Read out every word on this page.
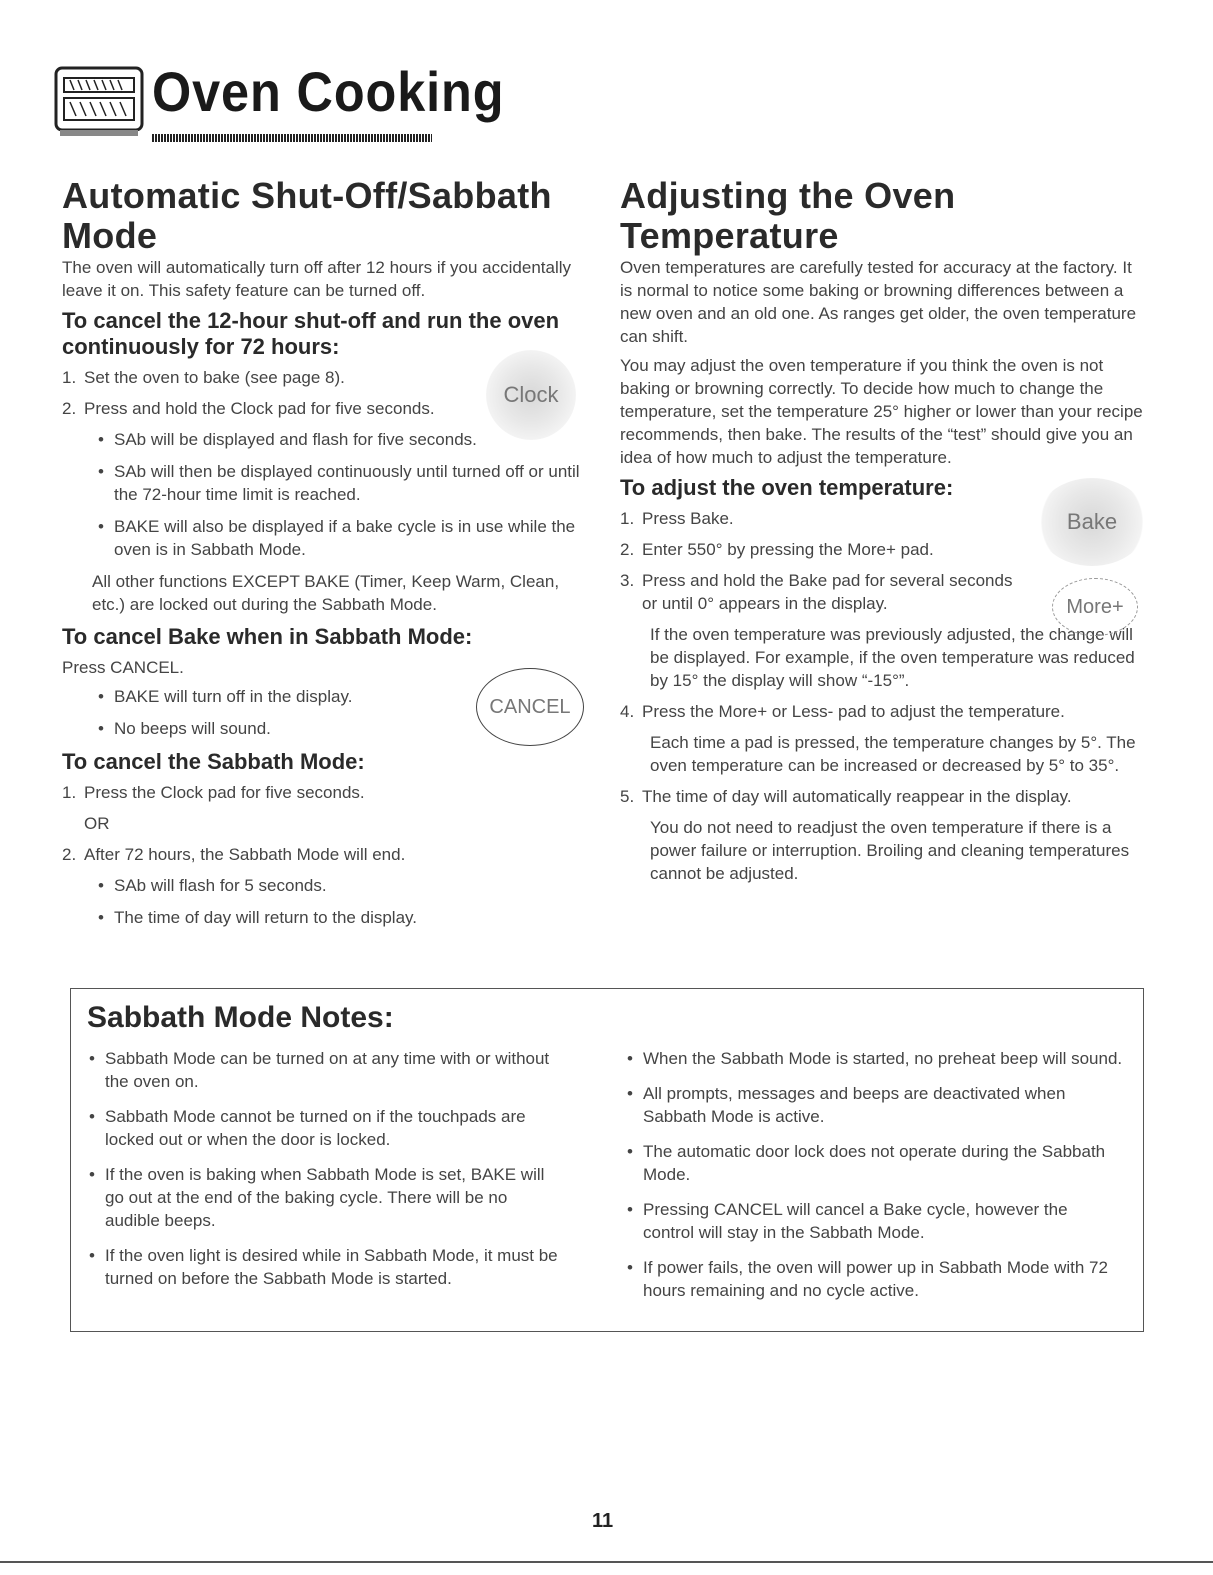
Oven Cooking
Automatic Shut-Off/Sabbath Mode

The oven will automatically turn off after 12 hours if you accidentally leave it on. This safety feature can be turned off.

To cancel the 12-hour shut-off and run the oven continuously for 72 hours:
1. Set the oven to bake (see page 8).
2. Press and hold the Clock pad for five seconds.
• SAb will be displayed and flash for five seconds.
• SAb will then be displayed continuously until turned off or until the 72-hour time limit is reached.
• BAKE will also be displayed if a bake cycle is in use while the oven is in Sabbath Mode.
All other functions EXCEPT BAKE (Timer, Keep Warm, Clean, etc.) are locked out during the Sabbath Mode.
To cancel Bake when in Sabbath Mode:

Press CANCEL.

• BAKE will turn off in the display.
• No beeps will sound.
To cancel the Sabbath Mode:
1. Press the Clock pad for five seconds.
OR
2. After 72 hours, the Sabbath Mode will end.
• SAb will flash for 5 seconds.
• The time of day will return to the display.
Clock
CANCEL
Adjusting the Oven Temperature

Oven temperatures are carefully tested for accuracy at the factory. It is normal to notice some baking or browning differences between a new oven and an old one. As ranges get older, the oven temperature can shift.

You may adjust the oven temperature if you think the oven is not baking or browning correctly. To decide how much to change the temperature, set the temperature 25° higher or lower than your recipe recommends, then bake. The results of the “test” should give you an idea of how much to adjust the temperature.

To adjust the oven temperature:
1. Press Bake.
2. Enter 550° by pressing the More+ pad.
3. Press and hold the Bake pad for several seconds or until 0° appears in the display.
If the oven temperature was previously adjusted, the change will be displayed. For example, if the oven temperature was reduced by 15° the display will show “-15°”.
4. Press the More+ or Less- pad to adjust the temperature.
Each time a pad is pressed, the temperature changes by 5°. The oven temperature can be increased or decreased by 5° to 35°.
5. The time of day will automatically reappear in the display.
You do not need to readjust the oven temperature if there is a power failure or interruption. Broiling and cleaning temperatures cannot be adjusted.
Bake
More+
Sabbath Mode Notes:
• Sabbath Mode can be turned on at any time with or without the oven on.
• Sabbath Mode cannot be turned on if the touchpads are locked out or when the door is locked.
• If the oven is baking when Sabbath Mode is set, BAKE will go out at the end of the baking cycle. There will be no audible beeps.
• If the oven light is desired while in Sabbath Mode, it must be turned on before the Sabbath Mode is started.
• When the Sabbath Mode is started, no preheat beep will sound.
• All prompts, messages and beeps are deactivated when Sabbath Mode is active.
• The automatic door lock does not operate during the Sabbath Mode.
• Pressing CANCEL will cancel a Bake cycle, however the control will stay in the Sabbath Mode.
• If power fails, the oven will power up in Sabbath Mode with 72 hours remaining and no cycle active.
11
